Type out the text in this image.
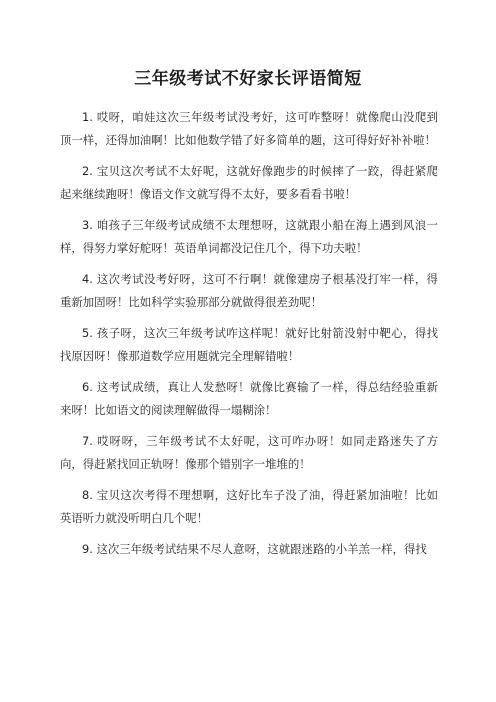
三年级考试不好家长评语简短

1. 哎呀，咱娃这次三年级考试没考好，这可咋整呀！就像爬山没爬到顶一样，还得加油啊！比如他数学错了好多简单的题，这可得好好补补啦！

2. 宝贝这次考试不太好呢，这就好像跑步的时候摔了一跤，得赶紧爬起来继续跑呀！像语文作文就写得不太好，要多看看书啦！

3. 咱孩子三年级考试成绩不太理想呀，这就跟小船在海上遇到风浪一样，得努力掌好舵呀！英语单词都没记住几个，得下功夫啦！

4. 这次考试没考好呀，这可不行啊！就像建房子根基没打牢一样，得重新加固呀！比如科学实验那部分就做得很差劲呢！

5. 孩子呀，这次三年级考试咋这样呢！就好比射箭没射中靶心，得找找原因呀！像那道数学应用题就完全理解错啦！

6. 这考试成绩，真让人发愁呀！就像比赛输了一样，得总结经验重新来呀！比如语文的阅读理解做得一塌糊涂！

7. 哎呀呀，三年级考试不太好呢，这可咋办呀！如同走路迷失了方向，得赶紧找回正轨呀！像那个错别字一堆堆的！

8. 宝贝这次考得不理想啊，这好比车子没了油，得赶紧加油啦！比如英语听力就没听明白几个呢！

9. 这次三年级考试结果不尽人意呀，这就跟迷路的小羊羔一样，得找
